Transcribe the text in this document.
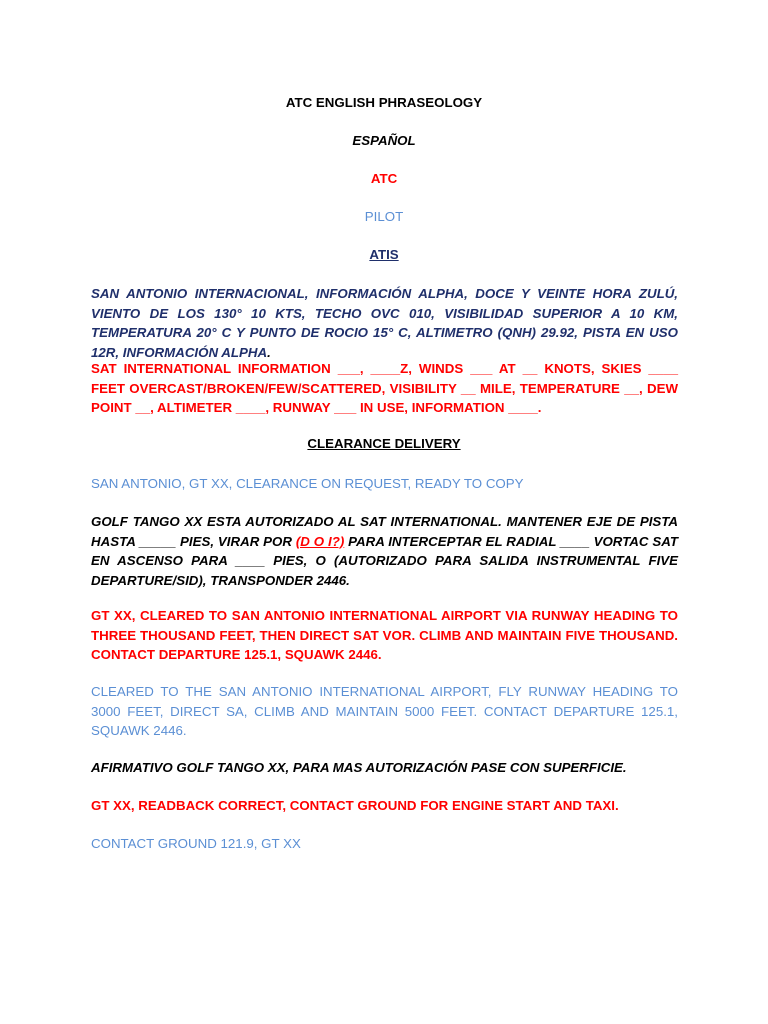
ATC ENGLISH PHRASEOLOGY
ESPAÑOL
ATC
PILOT
ATIS

SAN ANTONIO INTERNACIONAL, INFORMACIÓN ALPHA, DOCE Y VEINTE HORA ZULÚ, VIENTO DE LOS 130° 10 KTS, TECHO OVC 010, VISIBILIDAD SUPERIOR A 10 KM, TEMPERATURA 20° C Y PUNTO DE ROCIO 15° C, ALTIMETRO (QNH) 29.92, PISTA EN USO 12R, INFORMACIÓN ALPHA.

SAT INTERNATIONAL INFORMATION ___, ____Z, WINDS ___ AT __ KNOTS, SKIES ____ FEET OVERCAST/BROKEN/FEW/SCATTERED, VISIBILITY __ MILE, TEMPERATURE __, DEW POINT __, ALTIMETER ____, RUNWAY ___ IN USE, INFORMATION ____.

CLEARANCE DELIVERY

SAN ANTONIO, GT XX, CLEARANCE ON REQUEST, READY TO COPY

GOLF TANGO XX ESTA AUTORIZADO AL SAT INTERNATIONAL. MANTENER EJE DE PISTA HASTA _____ PIES, VIRAR POR (D O I?) PARA INTERCEPTAR EL RADIAL ____ VORTAC SAT EN ASCENSO PARA ____ PIES, O (AUTORIZADO PARA SALIDA INSTRUMENTAL FIVE DEPARTURE/SID), TRANSPONDER 2446.

GT XX, CLEARED TO SAN ANTONIO INTERNATIONAL AIRPORT VIA RUNWAY HEADING TO THREE THOUSAND FEET, THEN DIRECT SAT VOR. CLIMB AND MAINTAIN FIVE THOUSAND. CONTACT DEPARTURE 125.1, SQUAWK 2446.

CLEARED TO THE SAN ANTONIO INTERNATIONAL AIRPORT, FLY RUNWAY HEADING TO 3000 FEET, DIRECT SA, CLIMB AND MAINTAIN 5000 FEET. CONTACT DEPARTURE 125.1, SQUAWK 2446.

AFIRMATIVO GOLF TANGO XX, PARA MAS AUTORIZACIÓN PASE CON SUPERFICIE.

GT XX, READBACK CORRECT, CONTACT GROUND FOR ENGINE START AND TAXI.

CONTACT GROUND 121.9, GT XX
